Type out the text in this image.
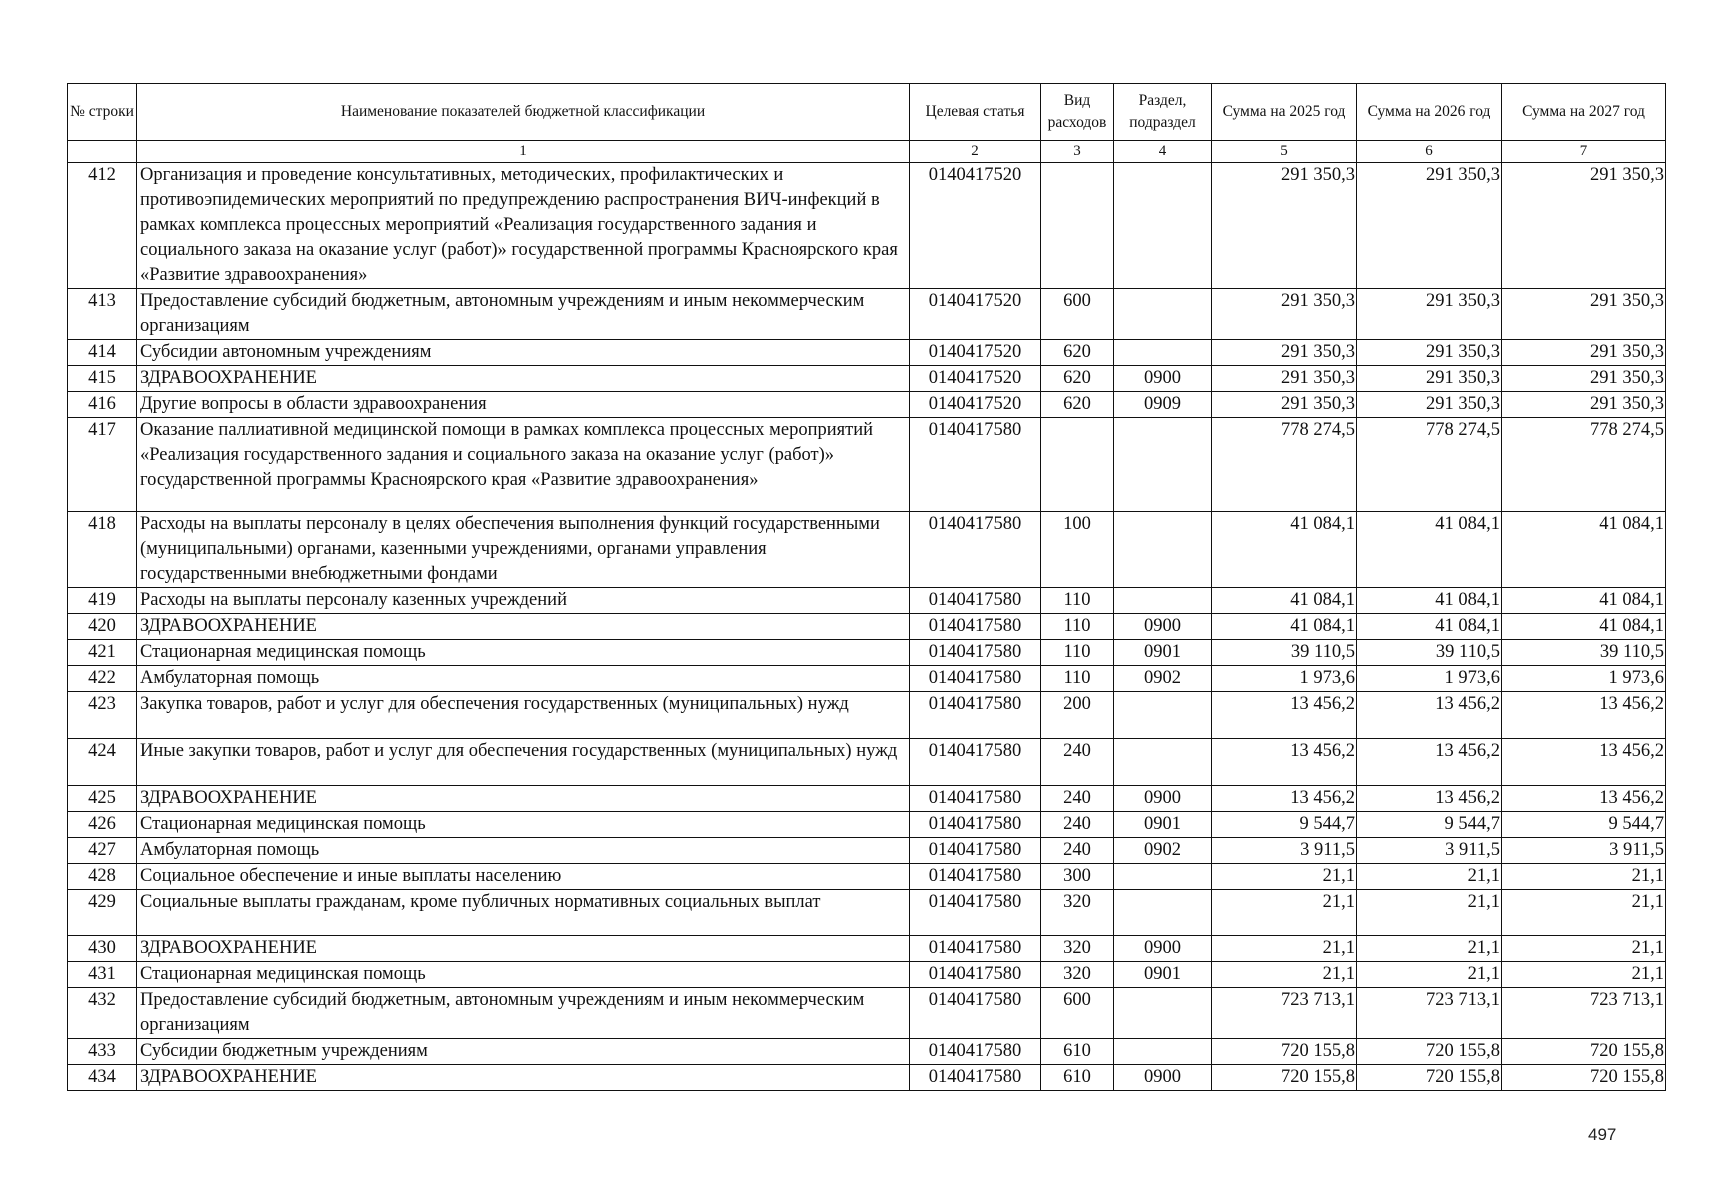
№ строки	Наименование показателей бюджетной классификации	Целевая статья	Вид расходов	Раздел, подраздел	Сумма на 2025 год	Сумма на 2026 год	Сумма на 2027 год
	1	2	3	4	5	6	7
412	Организация и проведение консультативных, методических, профилактических и противоэпидемических мероприятий по предупреждению распространения ВИЧ-инфекций в рамках комплекса процессных мероприятий «Реализация государственного задания и социального заказа на оказание услуг (работ)» государственной программы Красноярского края «Развитие здравоохранения»	0140417520			291 350,3	291 350,3	291 350,3
413	Предоставление субсидий бюджетным, автономным учреждениям и иным некоммерческим организациям	0140417520	600		291 350,3	291 350,3	291 350,3
414	Субсидии автономным учреждениям	0140417520	620		291 350,3	291 350,3	291 350,3
415	ЗДРАВООХРАНЕНИЕ	0140417520	620	0900	291 350,3	291 350,3	291 350,3
416	Другие вопросы в области здравоохранения	0140417520	620	0909	291 350,3	291 350,3	291 350,3
417	Оказание паллиативной медицинской помощи в рамках комплекса процессных мероприятий «Реализация государственного задания и социального заказа на оказание услуг (работ)» государственной программы Красноярского края «Развитие здравоохранения»	0140417580			778 274,5	778 274,5	778 274,5
418	Расходы на выплаты персоналу в целях обеспечения выполнения функций государственными (муниципальными) органами, казенными учреждениями, органами управления государственными внебюджетными фондами	0140417580	100		41 084,1	41 084,1	41 084,1
419	Расходы на выплаты персоналу казенных учреждений	0140417580	110		41 084,1	41 084,1	41 084,1
420	ЗДРАВООХРАНЕНИЕ	0140417580	110	0900	41 084,1	41 084,1	41 084,1
421	Стационарная медицинская помощь	0140417580	110	0901	39 110,5	39 110,5	39 110,5
422	Амбулаторная помощь	0140417580	110	0902	1 973,6	1 973,6	1 973,6
423	Закупка товаров, работ и услуг для обеспечения государственных (муниципальных) нужд	0140417580	200		13 456,2	13 456,2	13 456,2
424	Иные закупки товаров, работ и услуг для обеспечения государственных (муниципальных) нужд	0140417580	240		13 456,2	13 456,2	13 456,2
425	ЗДРАВООХРАНЕНИЕ	0140417580	240	0900	13 456,2	13 456,2	13 456,2
426	Стационарная медицинская помощь	0140417580	240	0901	9 544,7	9 544,7	9 544,7
427	Амбулаторная помощь	0140417580	240	0902	3 911,5	3 911,5	3 911,5
428	Социальное обеспечение и иные выплаты населению	0140417580	300		21,1	21,1	21,1
429	Социальные выплаты гражданам, кроме публичных нормативных социальных выплат	0140417580	320		21,1	21,1	21,1
430	ЗДРАВООХРАНЕНИЕ	0140417580	320	0900	21,1	21,1	21,1
431	Стационарная медицинская помощь	0140417580	320	0901	21,1	21,1	21,1
432	Предоставление субсидий бюджетным, автономным учреждениям и иным некоммерческим организациям	0140417580	600		723 713,1	723 713,1	723 713,1
433	Субсидии бюджетным учреждениям	0140417580	610		720 155,8	720 155,8	720 155,8
434	ЗДРАВООХРАНЕНИЕ	0140417580	610	0900	720 155,8	720 155,8	720 155,8
497
